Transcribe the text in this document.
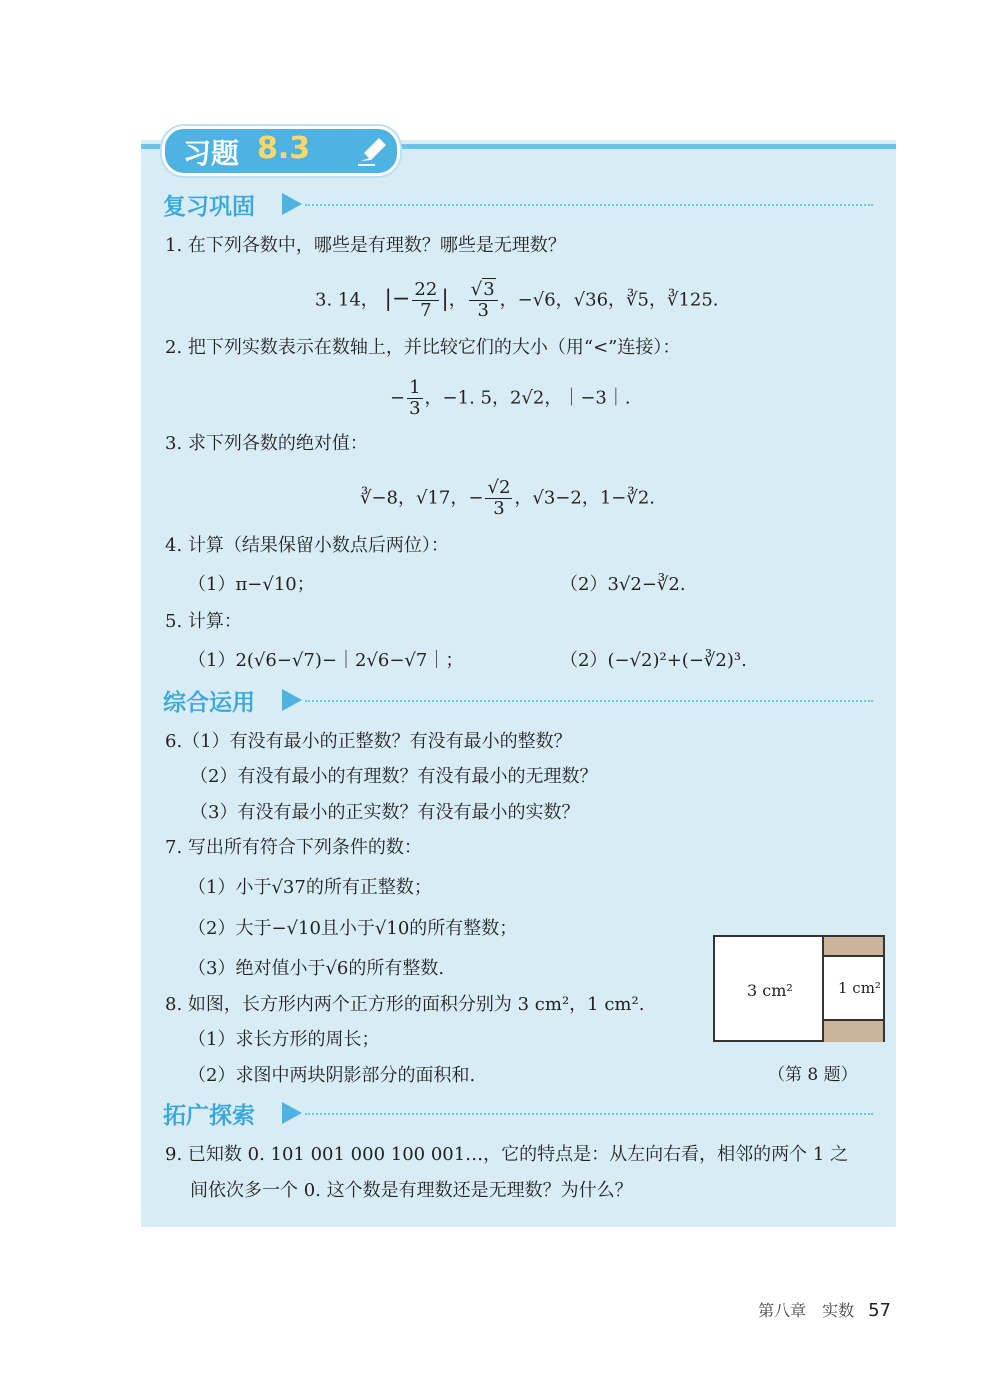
习题 8.3
复习巩固
1. 在下列各数中，哪些是有理数？哪些是无理数？
3. 14， |− $\frac{22}{7}$ |， $\frac{√3}{3}$ ，−√6，√36，∛5，∛125.
2. 把下列实数表示在数轴上，并比较它们的大小（用“<”连接）：
− $\frac{1}{3}$ ，−1. 5，2√2，｜−3｜.
3. 求下列各数的绝对值：
∛−8，√17，− $\frac{√2}{3}$ ，√3−2，1−∛2.
4. 计算（结果保留小数点后两位）：
（1）π−√10；	（2）3√2−∛2.
5. 计算：
（1）2(√6−√7)−｜2√6−√7｜；	（2）(−√2)²+(−∛2)³.
综合运用
6.（1）有没有最小的正整数？有没有最小的整数？
（2）有没有最小的有理数？有没有最小的无理数？
（3）有没有最小的正实数？有没有最小的实数？
7. 写出所有符合下列条件的数：
（1）小于√37的所有正整数；
（2）大于−√10且小于√10的所有整数；
（3）绝对值小于√6的所有整数.
8. 如图，长方形内两个正方形的面积分别为 3 cm²，1 cm².
（1）求长方形的周长；
（2）求图中两块阴影部分的面积和.
3 cm²	1 cm²
（第 8 题）
拓广探索
9. 已知数 0. 101 001 000 100 001…，它的特点是：从左向右看，相邻的两个 1 之
间依次多一个 0. 这个数是有理数还是无理数？为什么？
第八章　实数 57
